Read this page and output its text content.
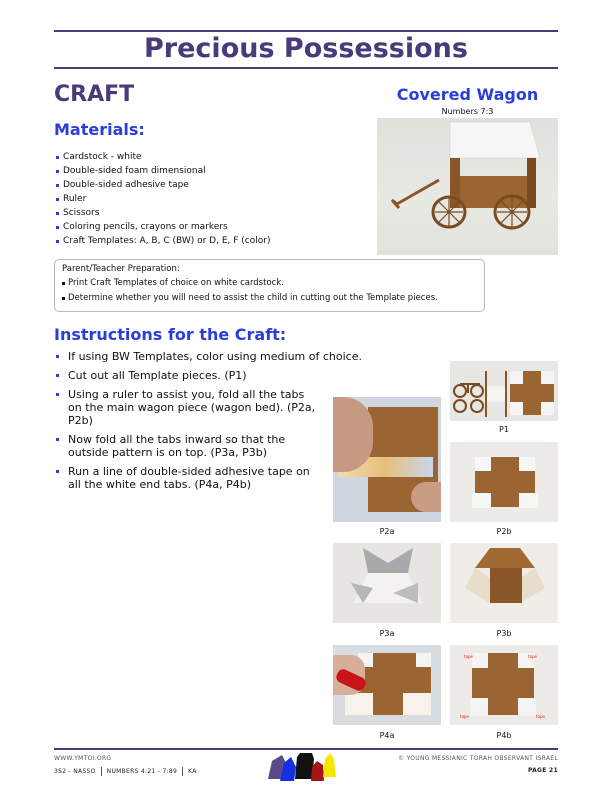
Precious Possessions
CRAFT
Materials:
Cardstock - white
Double-sided foam dimensional
Double-sided adhesive tape
Ruler
Scissors
Coloring pencils, crayons or markers
Craft Templates: A, B, C (BW) or D, E, F (color)
Covered Wagon
Numbers 7:3
Parent/Teacher Preparation:
Print Craft Templates of choice on white cardstock.
Determine whether you will need to assist the child in cutting out the Template pieces.
Instructions for the Craft:
If using BW Templates, color using medium of choice.
Cut out all Template pieces. (P1)
Using a ruler to assist you, fold all the tabs on the main wagon piece (wagon bed). (P2a, P2b)
Now fold all the tabs inward so that the outside pattern is on top. (P3a, P3b)
Run a line of double-sided adhesive tape on all the white end tabs. (P4a, P4b)
P1
P2a	P2b
P3a	P3b
P4a
tape	tape
tape	tape
P4b
WWW.YMTOI.ORG
3S2 - NASSO NUMBERS 4:21 - 7:89 KA
© YOUNG MESSIANIC TORAH OBSERVANT ISRAEL
PAGE 21
